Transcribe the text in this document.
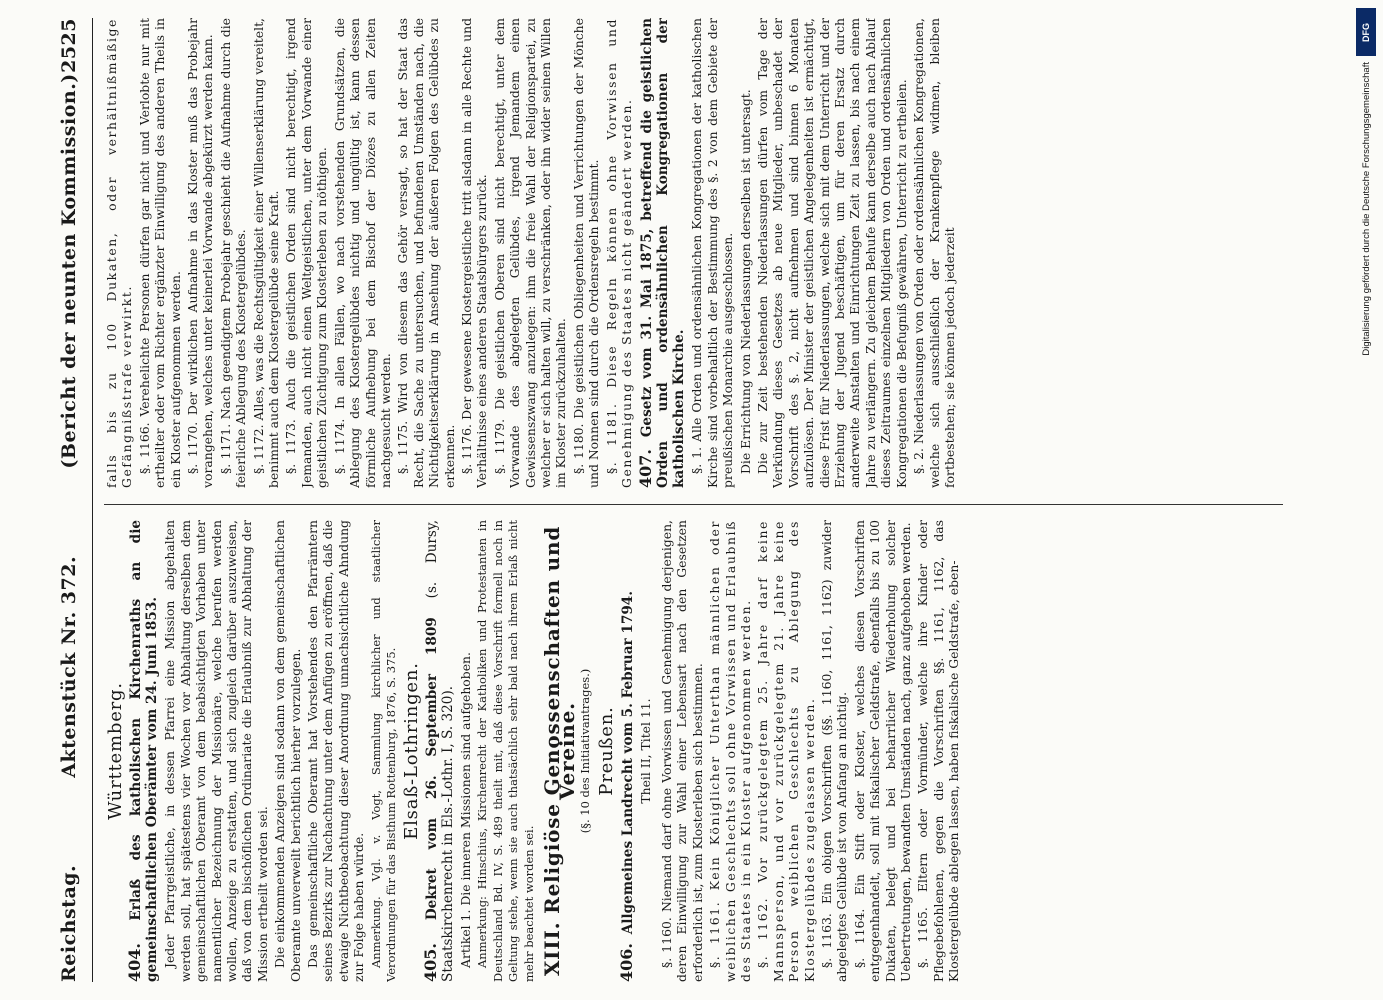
Reichstag.
Aktenstück Nr. 372.
(Bericht der neunten Kommission.)
2525
Württemberg.
404. Erlaß des katholischen Kirchenraths an die gemeinschaftlichen Oberämter vom 24. Juni 1853. Jeder Pfarrgeistliche, in dessen Pfarrei eine Mission abgehalten werden soll, hat spätestens vier Wochen vor Abhaltung derselben dem gemeinschaftlichen Oberamt von dem beabsichtigten Vorhaben unter namentlicher Bezeichnung der Missionäre, welche berufen werden wollen, Anzeige zu erstatten, und sich zugleich darüber auszuweisen, daß von dem bischöflichen Ordinariate die Erlaubniß zur Abhaltung der Mission ertheilt worden sei. Die einkommenden Anzeigen sind sodann von dem gemeinschaftlichen Oberamte unverweilt berichtlich hierher vorzulegen. Das gemeinschaftliche Oberamt hat Vorstehendes den Pfarrämtern seines Bezirks zur Nachachtung unter dem Anfügen zu eröffnen, daß die etwaige Nichtbeobachtung dieser Anordnung unnachsichtliche Ahndung zur Folge haben würde. Anmerkung. Vgl. v. Vogt, Sammlung kirchlicher und staatlicher Verordnungen für das Bisthum Rottenburg, 1876, S. 375. Elsaß-Lothringen.
405. Dekret vom 26. September 1809 (s. Dursy, Staatskirchenrecht in Els.-Lothr. I, S. 320). Artikel 1. Die inneren Missionen sind aufgehoben. Anmerkung: Hinschius, Kirchenrecht der Katholiken und Protestanten in Deutschland Bd. IV, S. 489 theilt mit, daß diese Vorschrift formell noch in Geltung stehe, wenn sie auch thatsächlich sehr bald nach ihrem Erlaß nicht mehr beachtet worden sei. XIII. Religiöse Genossenschaften und Vereine.
(§. 10 des Initiativantrages.) Preußen.
406. Allgemeines Landrecht vom 5. Februar 1794. Theil II, Titel 11. §. 1160. Niemand darf ohne Vorwissen und Genehmigung derjenigen, deren Einwilligung zur Wahl einer Lebensart nach den Gesetzen erforderlich ist, zum Klosterleben sich bestimmen. §. 1161. Kein Königlicher Unterthan männlichen oder weiblichen Geschlechts soll ohne Vorwissen und Erlaubniß des Staates in ein Kloster aufgenommen werden. §. 1162. Vor zurückgelegtem 25. Jahre darf keine Mannsperson, und vor zurückgelegtem 21. Jahre keine Person weiblichen Geschlechts zu Ablegung des Klostergelübdes zugelassen werden. §. 1163. Ein obigen Vorschriften (§§. 1160, 1161, 1162) zuwider abgelegtes Gelübde ist von Anfang an nichtig. §. 1164. Ein Stift oder Kloster, welches diesen Vorschriften entgegenhandelt, soll mit fiskalischer Geldstrafe, ebenfalls bis zu 100 Dukaten, belegt und bei beharrlicher Wiederholung solcher Uebertretungen, bewandten Umständen nach, ganz aufgehoben werden. §. 1165. Eltern oder Vormünder, welche ihre Kinder oder Pflegebefohlenen, gegen die Vorschriften §§. 1161, 1162, das Klostergelübde ablegen lassen, haben fiskalische Geldstrafe, eben-

falls bis zu 100 Dukaten, oder verhältnißmäßige Gefängnißstrafe verwirkt. §. 1166. Verehelichte Personen dürfen gar nicht und Verlobte nur mit ertheilter oder vom Richter ergänzter Einwilligung des anderen Theils in ein Kloster aufgenommen werden. §. 1170. Der wirklichen Aufnahme in das Kloster muß das Probejahr vorangehen, welches unter keinerlei Vorwande abgekürzt werden kann. §. 1171. Nach geendigtem Probejahr geschieht die Aufnahme durch die feierliche Ablegung des Klostergelübdes. §. 1172. Alles, was die Rechtsgültigkeit einer Willenserklärung vereitelt, benimmt auch dem Klostergelübde seine Kraft. §. 1173. Auch die geistlichen Orden sind nicht berechtigt, irgend Jemanden, auch nicht einen Weltgeistlichen, unter dem Vorwande einer geistlichen Züchtigung zum Klosterleben zu nöthigen. §. 1174. In allen Fällen, wo nach vorstehenden Grundsätzen, die Ablegung des Klostergelübdes nichtig und ungültig ist, kann dessen förmliche Aufhebung bei dem Bischof der Diözes zu allen Zeiten nachgesucht werden. §. 1175. Wird von diesem das Gehör versagt, so hat der Staat das Recht, die Sache zu untersuchen, und befundenen Umständen nach, die Nichtigkeitserklärung in Ansehung der äußeren Folgen des Gelübdes zu erkennen. §. 1176. Der gewesene Klostergeistliche tritt alsdann in alle Rechte und Verhältnisse eines anderen Staatsbürgers zurück. §. 1179. Die geistlichen Oberen sind nicht berechtigt, unter dem Vorwande des abgelegten Gelübdes, irgend Jemandem einen Gewissenszwang anzulegen: ihm die freie Wahl der Religionspartei, zu welcher er sich halten will, zu verschränken, oder ihn wider seinen Willen im Kloster zurückzuhalten. §. 1180. Die geistlichen Obliegenheiten und Verrichtungen der Mönche und Nonnen sind durch die Ordensregeln bestimmt. §. 1181. Diese Regeln können ohne Vorwissen und Genehmigung des Staates nicht geändert werden. 407. Gesetz vom 31. Mai 1875, betreffend die geistlichen Orden und ordensähnlichen Kongregationen der katholischen Kirche. §. 1. Alle Orden und ordensähnlichen Kongregationen der katholischen Kirche sind vorbehaltlich der Bestimmung des §. 2 von dem Gebiete der preußischen Monarchie ausgeschlossen. Die Errichtung von Niederlassungen derselben ist untersagt. Die zur Zeit bestehenden Niederlassungen dürfen vom Tage der Verkündung dieses Gesetzes ab neue Mitglieder, unbeschadet der Vorschrift des §. 2, nicht aufnehmen und sind binnen 6 Monaten aufzulösen. Der Minister der geistlichen Angelegenheiten ist ermächtigt, diese Frist für Niederlassungen, welche sich mit dem Unterricht und der Erziehung der Jugend beschäftigen, um für deren Ersatz durch anderweite Anstalten und Einrichtungen Zeit zu lassen, bis nach einem Jahre zu verlängern. Zu gleichem Behufe kann derselbe auch nach Ablauf dieses Zeitraumes einzelnen Mitgliedern von Orden und ordensähnlichen Kongregationen die Befugniß gewähren, Unterricht zu ertheilen. §. 2. Niederlassungen von Orden oder ordensähnlichen Kongregationen, welche sich ausschließlich der Krankenpflege widmen, bleiben fortbestehen; sie können jedoch jederzeit

DFG
Digitalisierung gefördert durch die Deutsche Forschungsgemeinschaft
